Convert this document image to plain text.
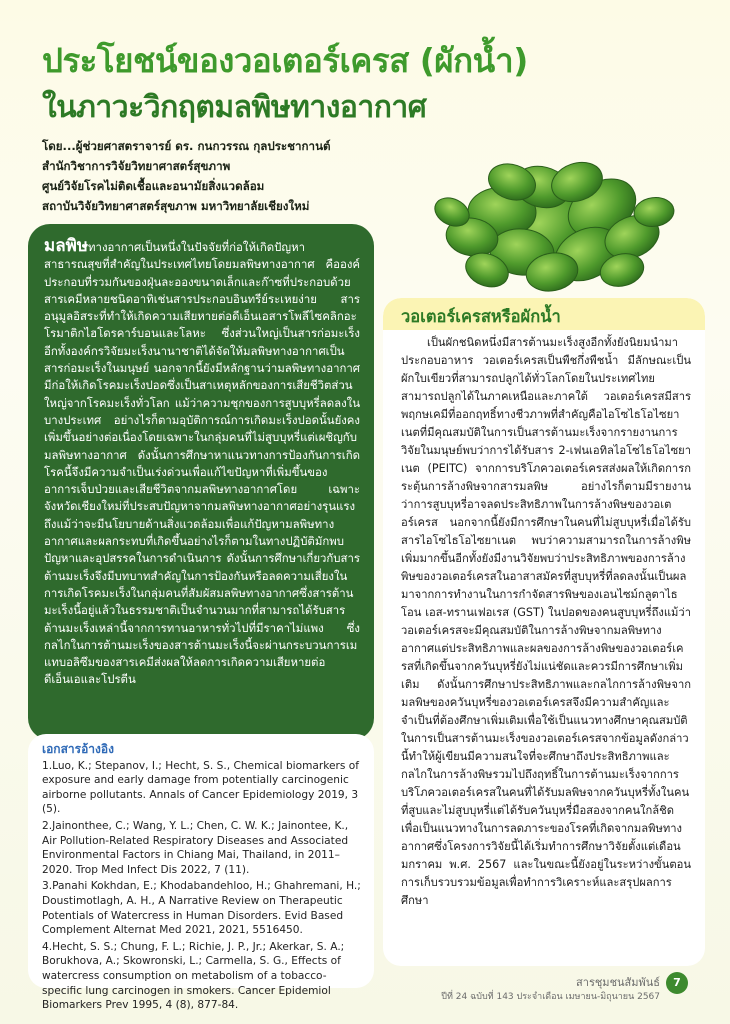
ประโยชน์ของวอเตอร์เครส (ผักน้ำ)
ในภาวะวิกฤตมลพิษทางอากาศ
โดย...ผู้ช่วยศาสตราจารย์ ดร. กนกวรรณ กุลประชากานต์
สำนักวิชาการวิจัยวิทยาศาสตร์สุขภาพ
ศูนย์วิจัยโรคไม่ติดเชื้อและอนามัยสิ่งแวดล้อม
สถาบันวิจัยวิทยาศาสตร์สุขภาพ มหาวิทยาลัยเชียงใหม่
มลพิษทางอากาศเป็นหนึ่งในปัจจัยที่ก่อให้เกิดปัญหาสาธารณสุขที่สำคัญในประเทศไทยโดยมลพิษทางอากาศ คือองค์ประกอบที่รวมกันของฝุ่นละอองขนาดเล็กและก๊าซที่ประกอบด้วยสารเคมีหลายชนิดอาทิเช่นสารประกอบอินทรีย์ระเหยง่าย สารอนุมูลอิสระที่ทำให้เกิดความเสียหายต่อดีเอ็นเอสารโพลีไซคลิกอะโรมาติกไฮโดรคาร์บอนและโลหะ ซึ่งส่วนใหญ่เป็นสารก่อมะเร็ง อีกทั้งองค์กรวิจัยมะเร็งนานาชาติได้จัดให้มลพิษทางอากาศเป็นสารก่อมะเร็งในมนุษย์ นอกจากนี้ยังมีหลักฐานว่ามลพิษทางอากาศมีก่อให้เกิดโรคมะเร็งปอดซึ่งเป็นสาเหตุหลักของการเสียชีวิตส่วนใหญ่จากโรคมะเร็งทั่วโลก แม้ว่าความชุกของการสูบบุหรี่ลดลงในบางประเทศ อย่างไรก็ตามอุบัติการณ์การเกิดมะเร็งปอดนั้นยังคงเพิ่มขึ้นอย่างต่อเนื่องโดยเฉพาะในกลุ่มคนที่ไม่สูบบุหรี่แต่เผชิญกับมลพิษทางอากาศ ดังนั้นการศึกษาหาแนวทางการป้องกันการเกิดโรคนี้จึงมีความจำเป็นเร่งด่วนเพื่อแก้ไขปัญหาที่เพิ่มขึ้นของอาการเจ็บป่วยและเสียชีวิตจากมลพิษทางอากาศโดย เฉพาะจังหวัดเชียงใหม่ที่ประสบปัญหาจากมลพิษทางอากาศอย่างรุนแรง ถึงแม้ว่าจะมีนโยบายด้านสิ่งแวดล้อมเพื่อแก้ปัญหามลพิษทางอากาศและผลกระทบที่เกิดขึ้นอย่างไรก็ตามในทางปฏิบัติมักพบปัญหาและอุปสรรคในการดำเนินการ ดังนั้นการศึกษาเกี่ยวกับสารต้านมะเร็งจึงมีบทบาทสำคัญในการป้องกันหรือลดความเสี่ยงในการเกิดโรคมะเร็งในกลุ่มคนที่สัมผัสมลพิษทางอากาศซึ่งสารต้านมะเร็งนี้อยู่แล้วในธรรมชาติเป็นจำนวนมากที่สามารถได้รับสารต้านมะเร็งเหล่านี้จากการทานอาหารทั่วไปที่มีราคาไม่แพง ซึ่งกลไกในการต้านมะเร็งของสารต้านมะเร็งนี้จะผ่านกระบวนการเมแทบอลิซึมของสารเคมีส่งผลให้ลดการเกิดความเสียหายต่อดีเอ็นเอและโปรตีน
เอกสารอ้างอิง
1.Luo, K.; Stepanov, I.; Hecht, S. S., Chemical biomarkers of exposure and early damage from potentially carcinogenic airborne pollutants. Annals of Cancer Epidemiology 2019, 3 (5).
2.Jainonthee, C.; Wang, Y. L.; Chen, C. W. K.; Jainontee, K., Air Pollution-Related Respiratory Diseases and Associated Environmental Factors in Chiang Mai, Thailand, in 2011–2020. Trop Med Infect Dis 2022, 7 (11).
3.Panahi Kokhdan, E.; Khodabandehloo, H.; Ghahremani, H.; Doustimotlagh, A. H., A Narrative Review on Therapeutic Potentials of Watercress in Human Disorders. Evid Based Complement Alternat Med 2021, 2021, 5516450.
4.Hecht, S. S.; Chung, F. L.; Richie, J. P., Jr.; Akerkar, S. A.; Borukhova, A.; Skowronski, L.; Carmella, S. G., Effects of watercress consumption on metabolism of a tobacco-specific lung carcinogen in smokers. Cancer Epidemiol Biomarkers Prev 1995, 4 (8), 877-84.
วอเตอร์เครสหรือผักน้ำ
เป็นผักชนิดหนึ่งมีสารต้านมะเร็งสูงอีกทั้งยังนิยมนำมาประกอบอาหาร วอเตอร์เครสเป็นพืชกึ่งพืชน้ำ มีลักษณะเป็นผักใบเขียวที่สามารถปลูกได้ทั่วโลกโดยในประเทศไทยสามารถปลูกได้ในภาคเหนือและภาคใต้ วอเตอร์เครสมีสารพฤกษเคมีที่ออกฤทธิ์ทางชีวภาพที่สำคัญคือไอโซไธโอไซยาเนตที่มีคุณสมบัติในการเป็นสารต้านมะเร็งจากรายงานการวิจัยในมนุษย์พบว่าการได้รับสาร 2-เฟนเอทิลไอโซไธโอไซยาเนต (PEITC) จากการบริโภควอเตอร์เครสส่งผลให้เกิดการกระตุ้นการล้างพิษจากสารมลพิษ อย่างไรก็ตามมีรายงานว่าการสูบบุหรี่อาจลดประสิทธิภาพในการล้างพิษของวอเตอร์เครส นอกจากนี้ยังมีการศึกษาในคนที่ไม่สูบบุหรี่เมื่อได้รับสารไอโซไธโอไซยาเนต พบว่าความสามารถในการล้างพิษเพิ่มมากขึ้นอีกทั้งยังมีงานวิจัยพบว่าประสิทธิภาพของการล้างพิษของวอเตอร์เครสในอาสาสมัครที่สูบบุหรี่ที่ลดลงนั้นเป็นผลมาจากการทำงานในการกำจัดสารพิษของเอนไซม์กลูตาไธโอน เอส-ทรานเฟอเรส (GST) ในปอดของคนสูบบุหรี่ถึงแม้ว่าวอเตอร์เครสจะมีคุณสมบัติในการล้างพิษจากมลพิษทางอากาศแต่ประสิทธิภาพและผลของการล้างพิษของวอเตอร์เครสที่เกิดขึ้นจากควันบุหรี่ยังไม่แน่ชัดและควรมีการศึกษาเพิ่มเติม ดังนั้นการศึกษาประสิทธิภาพและกลไกการล้างพิษจากมลพิษของควันบุหรี่ของวอเตอร์เครสจึงมีความสำคัญและจำเป็นที่ต้องศึกษาเพิ่มเติมเพื่อใช้เป็นแนวทางศึกษาคุณสมบัติในการเป็นสารต้านมะเร็งของวอเตอร์เครสจากข้อมูลดังกล่าวนี้ทำให้ผู้เขียนมีความสนใจที่จะศึกษาถึงประสิทธิภาพและกลไกในการล้างพิษรวมไปถึงฤทธิ์ในการต้านมะเร็งจากการบริโภควอเตอร์เครสในคนที่ได้รับมลพิษจากควันบุหรี่ทั้งในคนที่สูบและไม่สูบบุหรี่แต่ได้รับควันบุหรี่มือสองจากคนใกล้ชิด เพื่อเป็นแนวทางในการลดภาระของโรคที่เกิดจากมลพิษทางอากาศซึ่งโครงการวิจัยนี้ได้เริ่มทำการศึกษาวิจัยตั้งแต่เดือนมกราคม พ.ศ. 2567 และในขณะนี้ยังอยู่ในระหว่างขั้นตอนการเก็บรวบรวมข้อมูลเพื่อทำการวิเคราะห์และสรุปผลการศึกษา
สารชุมชนสัมพันธ์
ปีที่ 24 ฉบับที่ 143 ประจำเดือน เมษายน-มิถุนายน 2567
7
